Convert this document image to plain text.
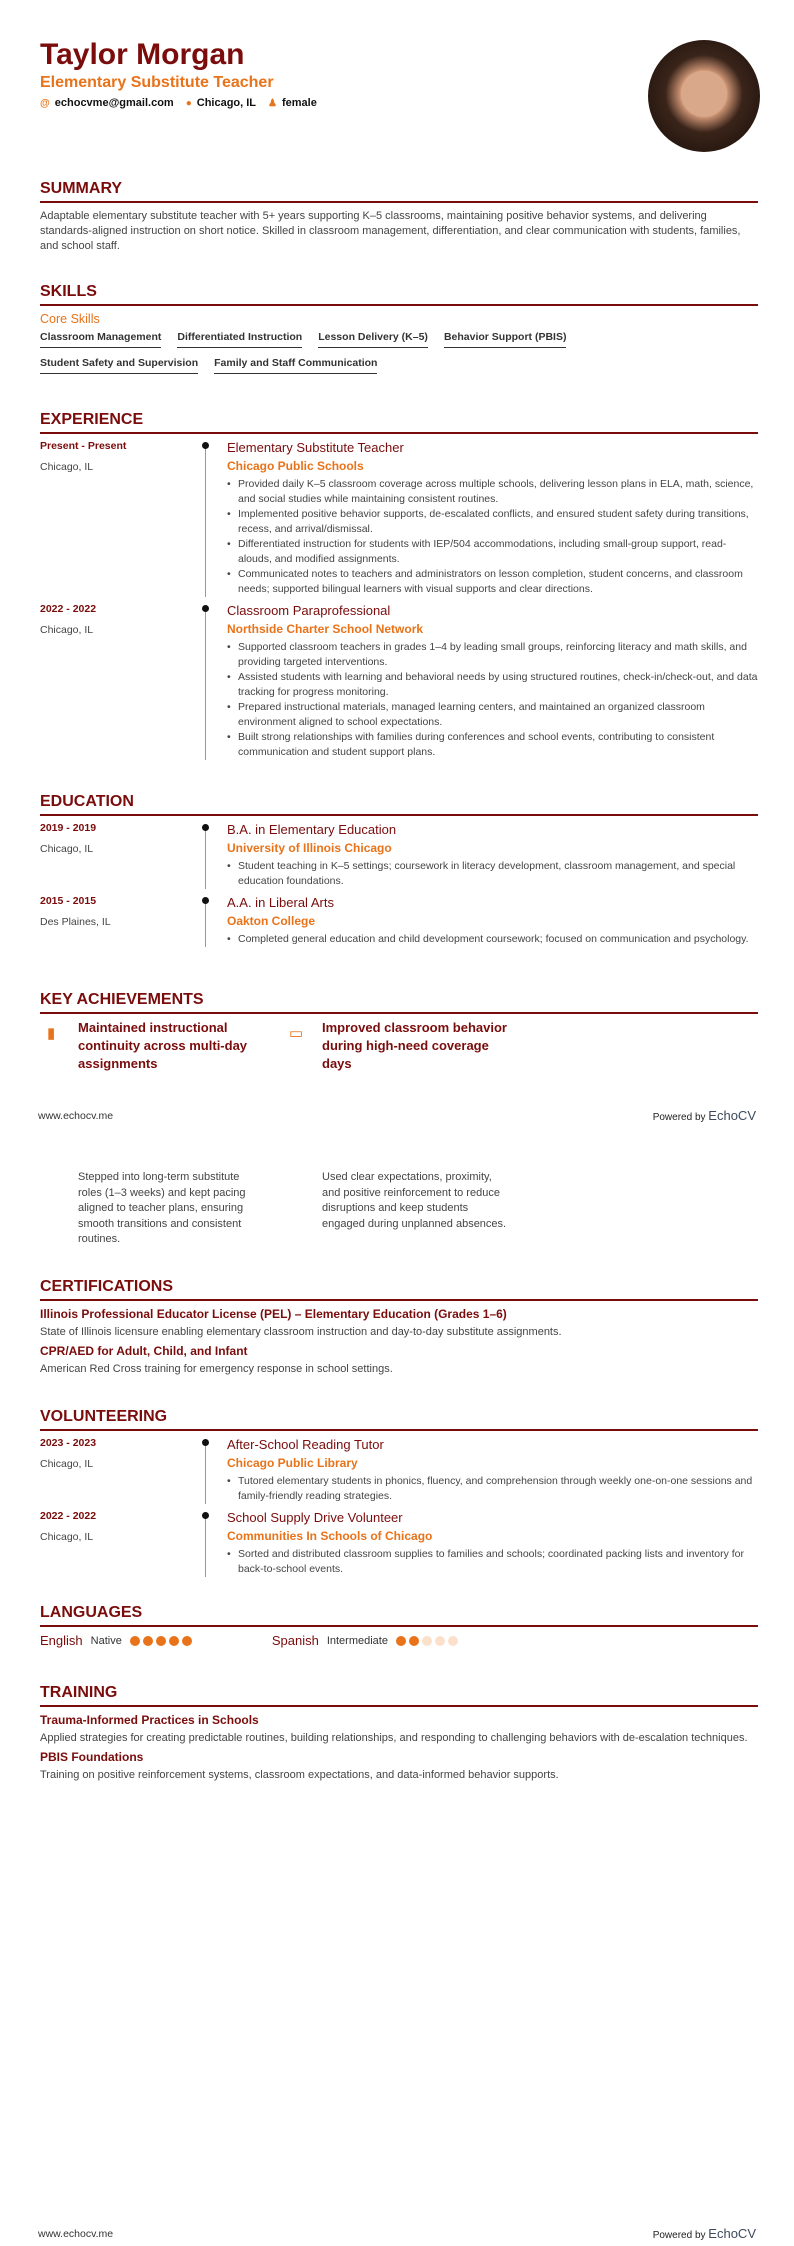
Taylor Morgan
Elementary Substitute Teacher
@ echocvme@gmail.com ● Chicago, IL ♟ female
SUMMARY
Adaptable elementary substitute teacher with 5+ years supporting K–5 classrooms, maintaining positive behavior systems, and delivering standards-aligned instruction on short notice. Skilled in classroom management, differentiation, and clear communication with students, families, and school staff.
SKILLS
Core Skills
Classroom Management Differentiated Instruction Lesson Delivery (K–5) Behavior Support (PBIS)
Student Safety and Supervision Family and Staff Communication
EXPERIENCE
Present - Present
Chicago, IL
Elementary Substitute Teacher
Chicago Public Schools
• Provided daily K–5 classroom coverage across multiple schools, delivering lesson plans in ELA, math, science, and social studies while maintaining consistent routines.
• Implemented positive behavior supports, de-escalated conflicts, and ensured student safety during transitions, recess, and arrival/dismissal.
• Differentiated instruction for students with IEP/504 accommodations, including small-group support, read-alouds, and modified assignments.
• Communicated notes to teachers and administrators on lesson completion, student concerns, and classroom needs; supported bilingual learners with visual supports and clear directions.
2022 - 2022
Chicago, IL
Classroom Paraprofessional
Northside Charter School Network
• Supported classroom teachers in grades 1–4 by leading small groups, reinforcing literacy and math skills, and providing targeted interventions.
• Assisted students with learning and behavioral needs by using structured routines, check-in/check-out, and data tracking for progress monitoring.
• Prepared instructional materials, managed learning centers, and maintained an organized classroom environment aligned to school expectations.
• Built strong relationships with families during conferences and school events, contributing to consistent communication and student support plans.
EDUCATION
2019 - 2019
Chicago, IL
B.A. in Elementary Education
University of Illinois Chicago
• Student teaching in K–5 settings; coursework in literacy development, classroom management, and special education foundations.
2015 - 2015
Des Plaines, IL
A.A. in Liberal Arts
Oakton College
• Completed general education and child development coursework; focused on communication and psychology.
KEY ACHIEVEMENTS
▮ Maintained instructional continuity across multi-day assignments
▭ Improved classroom behavior during high-need coverage days
www.echocv.me	Powered by EchoCV
Stepped into long-term substitute roles (1–3 weeks) and kept pacing aligned to teacher plans, ensuring smooth transitions and consistent routines.
Used clear expectations, proximity, and positive reinforcement to reduce disruptions and keep students engaged during unplanned absences.
CERTIFICATIONS
Illinois Professional Educator License (PEL) – Elementary Education (Grades 1–6)
State of Illinois licensure enabling elementary classroom instruction and day-to-day substitute assignments.
CPR/AED for Adult, Child, and Infant
American Red Cross training for emergency response in school settings.
VOLUNTEERING
2023 - 2023
Chicago, IL
After-School Reading Tutor
Chicago Public Library
• Tutored elementary students in phonics, fluency, and comprehension through weekly one-on-one sessions and family-friendly reading strategies.
2022 - 2022
Chicago, IL
School Supply Drive Volunteer
Communities In Schools of Chicago
• Sorted and distributed classroom supplies to families and schools; coordinated packing lists and inventory for back-to-school events.
LANGUAGES
English Native	Spanish Intermediate
TRAINING
Trauma-Informed Practices in Schools
Applied strategies for creating predictable routines, building relationships, and responding to challenging behaviors with de-escalation techniques.
PBIS Foundations
Training on positive reinforcement systems, classroom expectations, and data-informed behavior supports.
www.echocv.me	Powered by EchoCV
